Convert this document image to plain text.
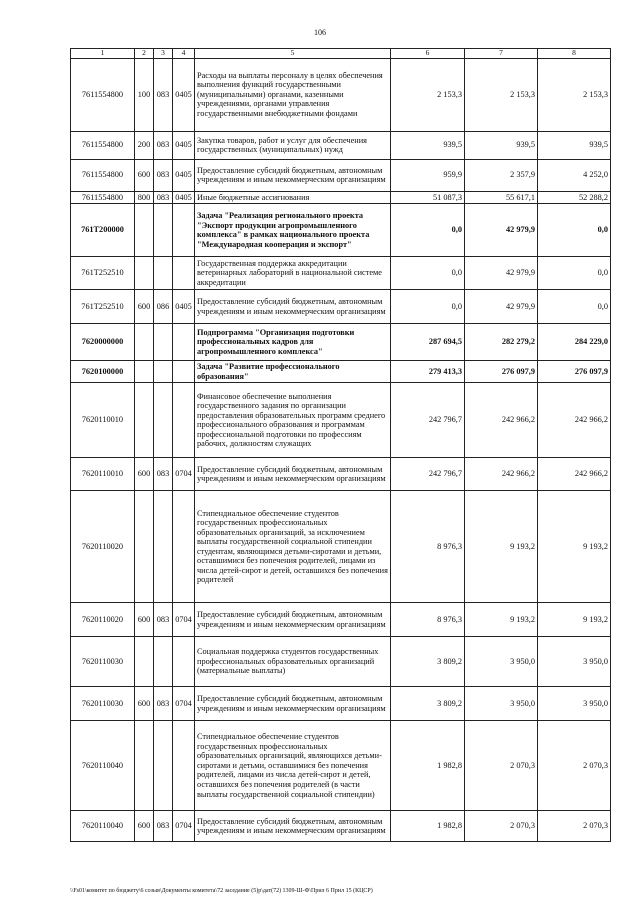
106
1	2	3	4	5	6	7	8
7611554800	100	083	0405	Расходы на выплаты персоналу в целях обеспечения выполнения функций государственными (муниципальными) органами, казенными учреждениями, органами управления государственными внебюджетными фондами	2 153,3	2 153,3	2 153,3
7611554800	200	083	0405	Закупка товаров, работ и услуг для обеспечения государственных (муниципальных) нужд	939,5	939,5	939,5
7611554800	600	083	0405	Предоставление субсидий бюджетным, автономным учреждениям и иным некоммерческим организациям	959,9	2 357,9	4 252,0
7611554800	800	083	0405	Иные бюджетные ассигнования	51 087,3	55 617,1	52 288,2
761T200000				Задача "Реализация регионального проекта "Экспорт продукции агропромышленного комплекса" в рамках национального проекта "Международная кооперация и экспорт"	0,0	42 979,9	0,0
761T252510				Государственная поддержка аккредитации ветеринарных лабораторий в национальной системе аккредитации	0,0	42 979,9	0,0
761T252510	600	086	0405	Предоставление субсидий бюджетным, автономным учреждениям и иным некоммерческим организациям	0,0	42 979,9	0,0
7620000000				Подпрограмма "Организация подготовки профессиональных кадров для агропромышленного комплекса"	287 694,5	282 279,2	284 229,0
7620100000				Задача "Развитие профессионального образования"	279 413,3	276 097,9	276 097,9
7620110010				Финансовое обеспечение выполнения государственного задания по организации предоставления образовательных программ среднего профессионального образования и программам профессиональной подготовки по профессиям рабочих, должностям служащих	242 796,7	242 966,2	242 966,2
7620110010	600	083	0704	Предоставление субсидий бюджетным, автономным учреждениям и иным некоммерческим организациям	242 796,7	242 966,2	242 966,2
7620110020				Стипендиальное обеспечение студентов государственных профессиональных образовательных организаций, за исключением выплаты государственной социальной стипендии студентам, являющимся детьми-сиротами и детьми, оставшимися без попечения родителей, лицами из числа детей-сирот и детей, оставшихся без попечения родителей	8 976,3	9 193,2	9 193,2
7620110020	600	083	0704	Предоставление субсидий бюджетным, автономным учреждениям и иным некоммерческим организациям	8 976,3	9 193,2	9 193,2
7620110030				Социальная поддержка студентов государственных профессиональных образовательных организаций (материальные выплаты)	3 809,2	3 950,0	3 950,0
7620110030	600	083	0704	Предоставление субсидий бюджетным, автономным учреждениям и иным некоммерческим организациям	3 809,2	3 950,0	3 950,0
7620110040				Стипендиальное обеспечение студентов государственных профессиональных образовательных организаций, являющихся детьми-сиротами и детьми, оставшимися без попечения родителей, лицами из числа детей-сирот и детей, оставшихся без попечения родителей (в части выплаты государственной социальной стипендии)	1 982,8	2 070,3	2 070,3
7620110040	600	083	0704	Предоставление субсидий бюджетным, автономным учреждениям и иным некоммерческим организациям	1 982,8	2 070,3	2 070,3
\\Fs01\комитет по бюджету\6 созыв\Документы комитета\72 заседание (5)р\дат(72) 1309-Ш-Ф\Прил 6 Прил 15 (КЦСР)
